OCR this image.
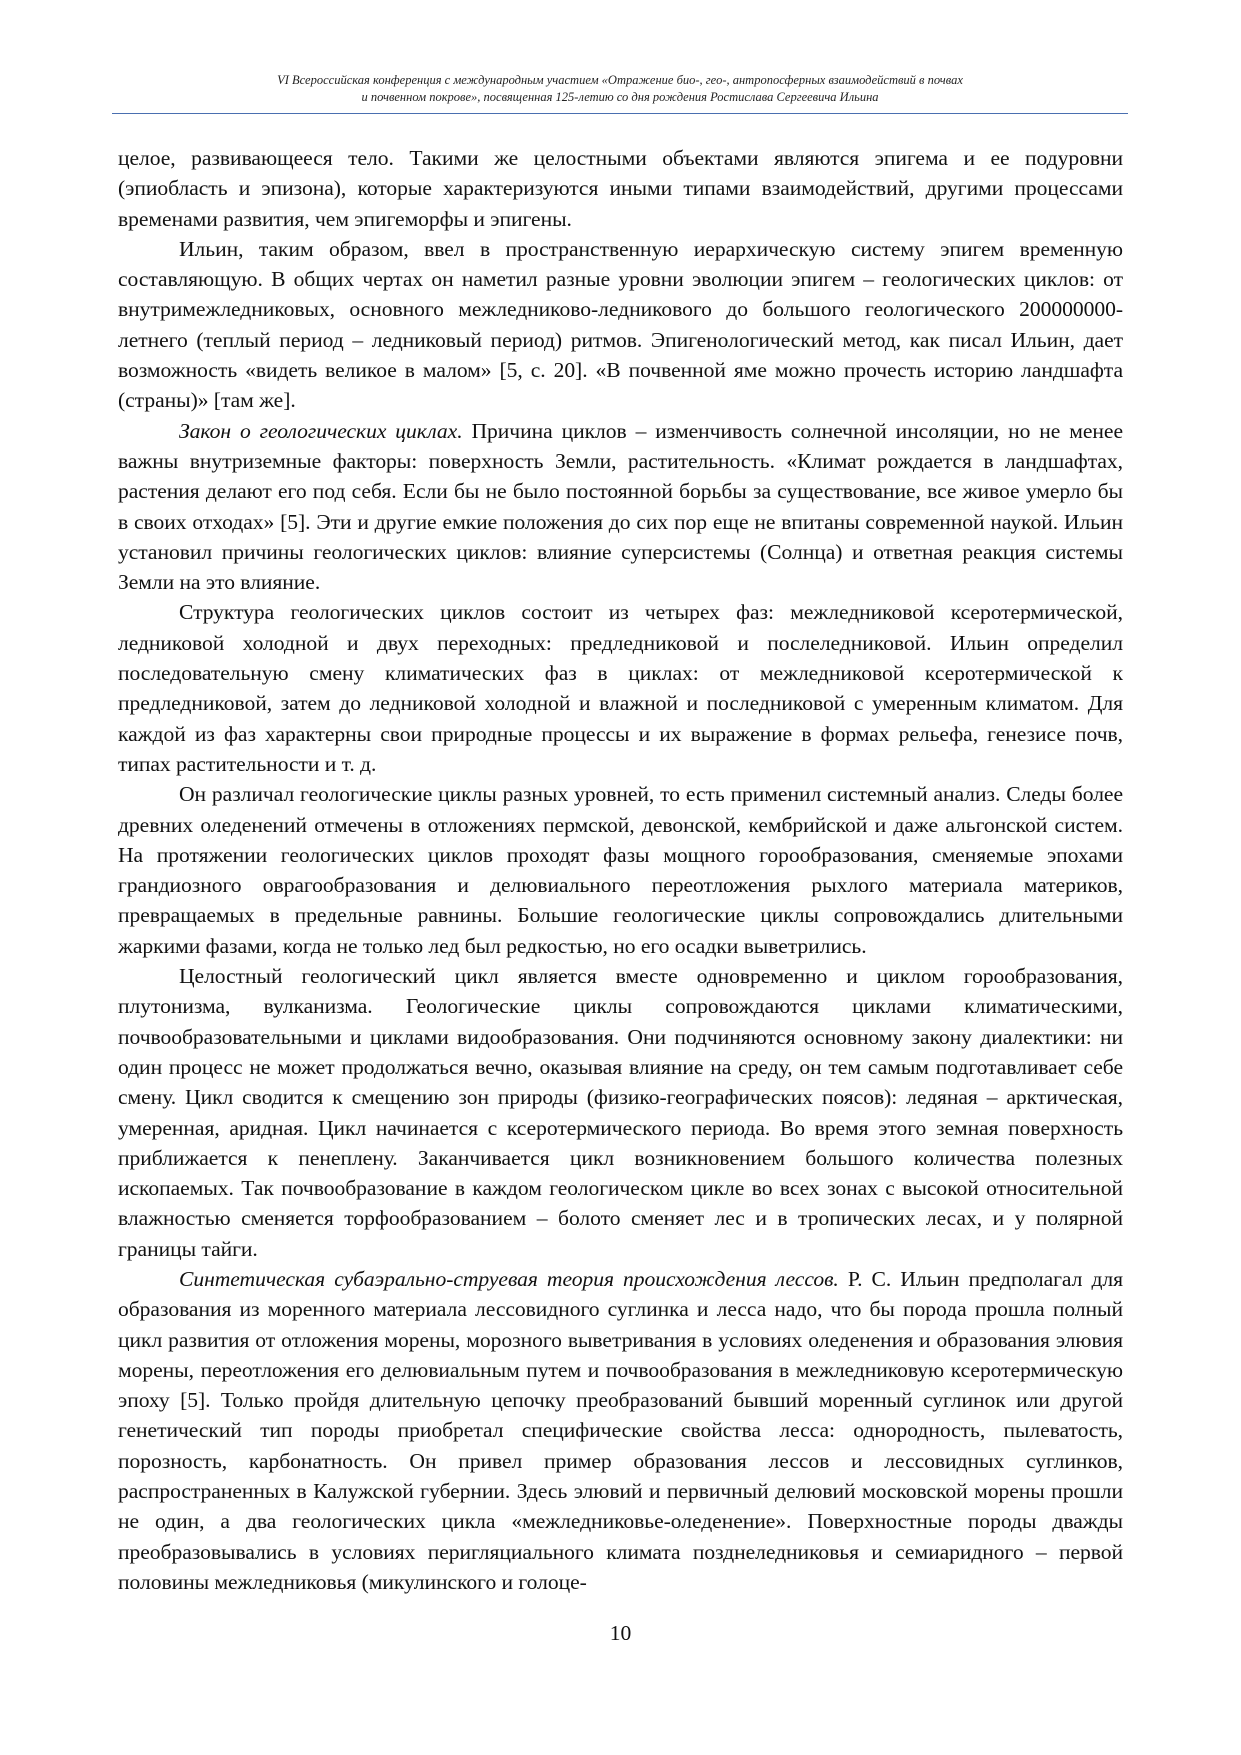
VI Всероссийская конференция с международным участием «Отражение био-, гео-, антропосферных взаимодействий в почвах
и почвенном покрове», посвященная 125-летию со дня рождения Ростислава Сергеевича Ильина

целое, развивающееся тело. Такими же целостными объектами являются эпигема и ее подуровни (эпиобласть и эпизона), которые характеризуются иными типами взаимодействий, другими процессами временами развития, чем эпигеморфы и эпигены.

Ильин, таким образом, ввел в пространственную иерархическую систему эпигем временную составляющую. В общих чертах он наметил разные уровни эволюции эпигем – геологических циклов: от внутримежледниковых, основного межледниково-ледникового до большого геологического 200000000-летнего (теплый период – ледниковый период) ритмов. Эпигенологический метод, как писал Ильин, дает возможность «видеть великое в малом» [5, с. 20]. «В почвенной яме можно прочесть историю ландшафта (страны)» [там же].

Закон о геологических циклах. Причина циклов – изменчивость солнечной инсоляции, но не менее важны внутриземные факторы: поверхность Земли, растительность. «Климат рождается в ландшафтах, растения делают его под себя. Если бы не было постоянной борьбы за существование, все живое умерло бы в своих отходах» [5]. Эти и другие емкие положения до сих пор еще не впитаны современной наукой. Ильин установил причины геологических циклов: влияние суперсистемы (Солнца) и ответная реакция системы Земли на это влияние.

Структура геологических циклов состоит из четырех фаз: межледниковой ксеротермической, ледниковой холодной и двух переходных: предледниковой и послеледниковой. Ильин определил последовательную смену климатических фаз в циклах: от межледниковой ксеротермической к предледниковой, затем до ледниковой холодной и влажной и последниковой с умеренным климатом. Для каждой из фаз характерны свои природные процессы и их выражение в формах рельефа, генезисе почв, типах растительности и т. д.

Он различал геологические циклы разных уровней, то есть применил системный анализ. Следы более древних оледенений отмечены в отложениях пермской, девонской, кембрийской и даже альгонской систем. На протяжении геологических циклов проходят фазы мощного горообразования, сменяемые эпохами грандиозного оврагообразования и делювиального переотложения рыхлого материала материков, превращаемых в предельные равнины. Большие геологические циклы сопровождались длительными жаркими фазами, когда не только лед был редкостью, но его осадки выветрились.

Целостный геологический цикл является вместе одновременно и циклом горообразования, плутонизма, вулканизма. Геологические циклы сопровождаются циклами климатическими, почвообразовательными и циклами видообразования. Они подчиняются основному закону диалектики: ни один процесс не может продолжаться вечно, оказывая влияние на среду, он тем самым подготавливает себе смену. Цикл сводится к смещению зон природы (физико-географических поясов): ледяная – арктическая, умеренная, аридная. Цикл начинается с ксеротермического периода. Во время этого земная поверхность приближается к пенеплену. Заканчивается цикл возникновением большого количества полезных ископаемых. Так почвообразование в каждом геологическом цикле во всех зонах с высокой относительной влажностью сменяется торфообразованием – болото сменяет лес и в тропических лесах, и у полярной границы тайги.

Синтетическая субаэрально-струевая теория происхождения лессов. Р. С. Ильин предполагал для образования из моренного материала лессовидного суглинка и лесса надо, что бы порода прошла полный цикл развития от отложения морены, морозного выветривания в условиях оледенения и образования элювия морены, переотложения его делювиальным путем и почвообразования в межледниковую ксеротермическую эпоху [5]. Только пройдя длительную цепочку преобразований бывший моренный суглинок или другой генетический тип породы приобретал специфические свойства лесса: однородность, пылеватость, порозность, карбонатность. Он привел пример образования лессов и лессовидных суглинков, распространенных в Калужской губернии. Здесь элювий и первичный делювий московской морены прошли не один, а два геологических цикла «межледниковье-оледенение». Поверхностные породы дважды преобразовывались в условиях перигляциального климата позднеледниковья и семиаридного – первой половины межледниковья (микулинского и голоце-

10
